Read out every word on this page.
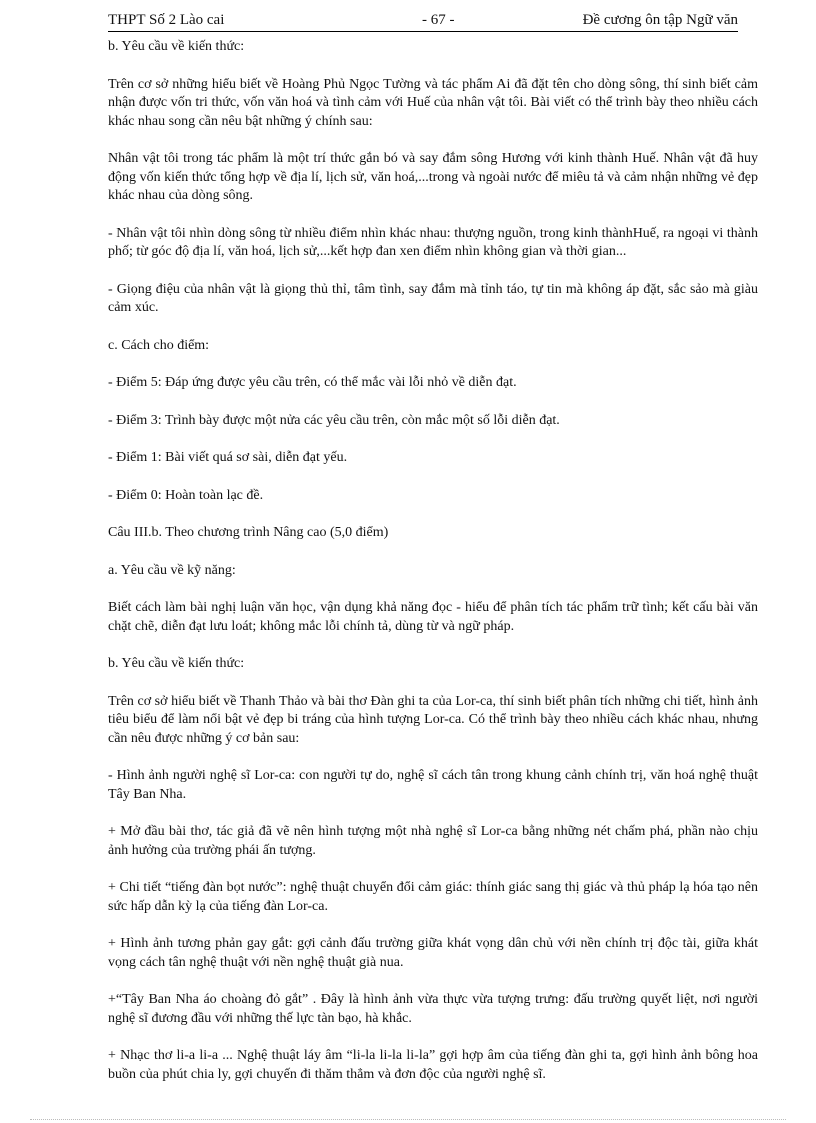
THPT Số 2 Lào cai	- 67 -	Đề cương ôn tập Ngữ văn

b. Yêu cầu về kiến thức:

Trên cơ sở những hiểu biết về Hoàng Phủ Ngọc Tường và tác phẩm Ai đã đặt tên cho dòng sông, thí sinh biết cảm nhận được vốn tri thức, vốn văn hoá và tình cảm với Huế của nhân vật tôi. Bài viết có thể trình bày theo nhiều cách khác nhau song cần nêu bật những ý chính sau:

Nhân vật tôi trong tác phẩm là một trí thức gắn bó và say đắm sông Hương với kinh thành Huế. Nhân vật đã huy động vốn kiến thức tổng hợp về địa lí, lịch sử, văn hoá,...trong và ngoài nước để miêu tả và cảm nhận những vẻ đẹp khác nhau của dòng sông.

- Nhân vật tôi nhìn dòng sông từ nhiều điểm nhìn khác nhau: thượng nguồn, trong kinh thànhHuế, ra ngoại vi thành phố; từ góc độ địa lí, văn hoá, lịch sử,...kết hợp đan xen điểm nhìn không gian và thời gian...

- Giọng điệu của nhân vật là giọng thủ thỉ, tâm tình, say đắm mà tỉnh táo, tự tin mà không áp đặt, sắc sảo mà giàu cảm xúc.

c. Cách cho điểm:

- Điểm 5: Đáp ứng được yêu cầu trên, có thể mắc vài lỗi nhỏ về diễn đạt.

- Điểm 3: Trình bày được một nửa các yêu cầu trên, còn mắc một số lỗi diễn đạt.

- Điểm 1: Bài viết quá sơ sài, diễn đạt yếu.

- Điểm 0: Hoàn toàn lạc đề.

Câu III.b. Theo chương trình Nâng cao (5,0 điểm)

a. Yêu cầu về kỹ năng:

Biết cách làm bài nghị luận văn học, vận dụng khả năng đọc - hiểu để phân tích tác phẩm trữ tình; kết cấu bài văn chặt chẽ, diễn đạt lưu loát; không mắc lỗi chính tả, dùng từ và ngữ pháp.

b. Yêu cầu về kiến thức:

Trên cơ sở hiểu biết về Thanh Thảo và bài thơ Đàn ghi ta của Lor-ca, thí sinh biết phân tích những chi tiết, hình ảnh tiêu biểu để làm nổi bật vẻ đẹp bi tráng của hình tượng Lor-ca. Có thể trình bày theo nhiều cách khác nhau, nhưng cần nêu được những ý cơ bản sau:

- Hình ảnh người nghệ sĩ Lor-ca: con người tự do, nghệ sĩ cách tân trong khung cảnh chính trị, văn hoá nghệ thuật Tây Ban Nha.

+ Mở đầu bài thơ, tác giả đã vẽ nên hình tượng một nhà nghệ sĩ Lor-ca bằng những nét chấm phá, phần nào chịu ảnh hưởng của trường phái ấn tượng.

+ Chi tiết “tiếng đàn bọt nước”: nghệ thuật chuyển đổi cảm giác: thính giác sang thị giác và thủ pháp lạ hóa tạo nên sức hấp dẫn kỳ lạ của tiếng đàn Lor-ca.

+ Hình ảnh tương phản gay gắt: gợi cảnh đấu trường giữa khát vọng dân chủ với nền chính trị độc tài, giữa khát vọng cách tân nghệ thuật với nền nghệ thuật già nua.

+“Tây Ban Nha áo choàng đỏ gắt” . Đây là hình ảnh vừa thực vừa tượng trưng: đấu trường quyết liệt, nơi người nghệ sĩ đương đầu với những thế lực tàn bạo, hà khắc.

+ Nhạc thơ li-a li-a ... Nghệ thuật láy âm “li-la li-la li-la” gợi hợp âm của tiếng đàn ghi ta, gợi hình ảnh bông hoa buồn của phút chia ly, gợi chuyến đi thăm thẳm và đơn độc của người nghệ sĩ.
